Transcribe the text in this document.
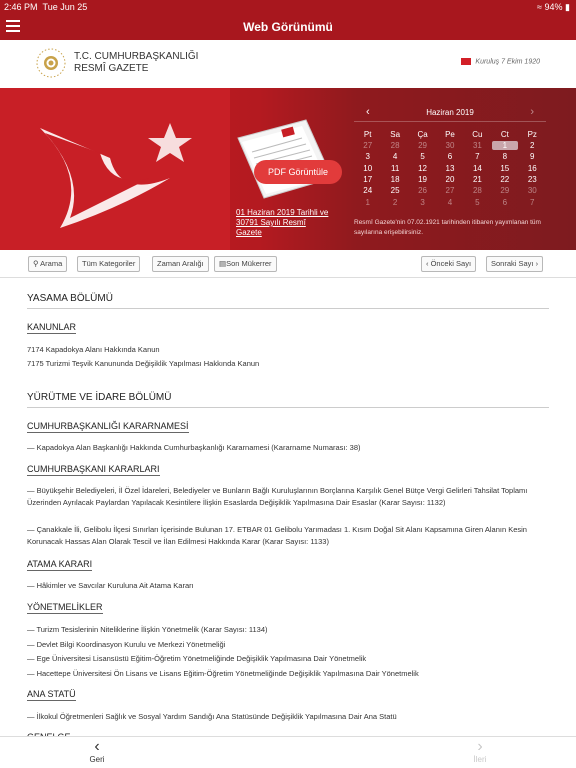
2:46 PM Tue Jun 25	≈ 94% ▮
Web Görünümü
T.C. CUMHURBAŞKANLIĞI
RESMÎ GAZETE
Kuruluş 7 Ekim 1920
PDF Görüntüle
01 Haziran 2019 Tarihli ve 30791 Sayılı Resmî Gazete
‹	Haziran 2019	›
Pt	Sa	Ça	Pe	Cu	Ct	Pz
27	28	29	30	31	1	2
3	4	5	6	7	8	9
10	11	12	13	14	15	16
17	18	19	20	21	22	23
24	25	26	27	28	29	30
1	2	3	4	5	6	7
Resmî Gazete'nin 07.02.1921 tarihinden itibaren yayımlanan tüm sayılarına erişebilirsiniz.
⚲ Arama	Tüm Kategoriler	Zaman Aralığı	▤Son Mükerrer	‹ Önceki Sayı	Sonraki Sayı ›
YASAMA BÖLÜMÜ
KANUNLAR
7174 Kapadokya Alanı Hakkında Kanun
7175 Turizmi Teşvik Kanununda Değişiklik Yapılması Hakkında Kanun
YÜRÜTME VE İDARE BÖLÜMÜ
CUMHURBAŞKANLIĞI KARARNAMESİ
— Kapadokya Alan Başkanlığı Hakkında Cumhurbaşkanlığı Kararnamesi (Kararname Numarası: 38)
CUMHURBAŞKANI KARARLARI
— Büyükşehir Belediyeleri, İl Özel İdareleri, Belediyeler ve Bunların Bağlı Kuruluşlarının Borçlarına Karşılık Genel Bütçe Vergi Gelirleri Tahsilat Toplamı Üzerinden Ayrılacak Paylardan Yapılacak Kesintilere İlişkin Esaslarda Değişiklik Yapılmasına Dair Esaslar (Karar Sayısı: 1132)
— Çanakkale İli, Gelibolu İlçesi Sınırları İçerisinde Bulunan 17. ETBAR 01 Gelibolu Yarımadası 1. Kısım Doğal Sit Alanı Kapsamına Giren Alanın Kesin Korunacak Hassas Alan Olarak Tescil ve İlan Edilmesi Hakkında Karar (Karar Sayısı: 1133)
ATAMA KARARI
— Hâkimler ve Savcılar Kuruluna Ait Atama Kararı
YÖNETMELİKLER
— Turizm Tesislerinin Niteliklerine İlişkin Yönetmelik (Karar Sayısı: 1134)
— Devlet Bilgi Koordinasyon Kurulu ve Merkezi Yönetmeliği
— Ege Üniversitesi Lisansüstü Eğitim-Öğretim Yönetmeliğinde Değişiklik Yapılmasına Dair Yönetmelik
— Hacettepe Üniversitesi Ön Lisans ve Lisans Eğitim-Öğretim Yönetmeliğinde Değişiklik Yapılmasına Dair Yönetmelik
ANA STATÜ
— İlkokul Öğretmenleri Sağlık ve Sosyal Yardım Sandığı Ana Statüsünde Değişiklik Yapılmasına Dair Ana Statü
‹
Geri
›
İleri
